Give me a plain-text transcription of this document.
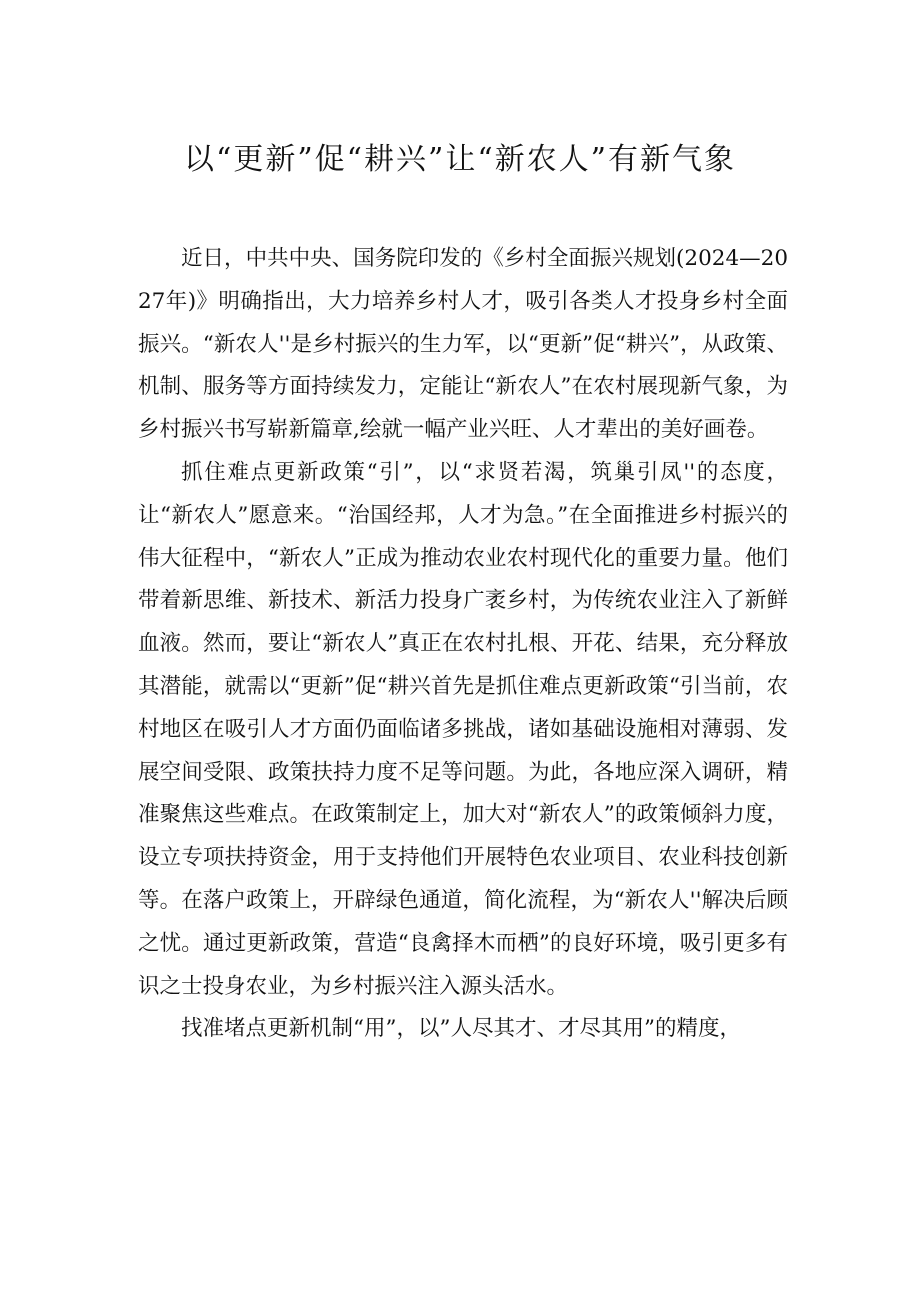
以“更新”促“耕兴”让“新农人”有新气象

近日，中共中央、国务院印发的《乡村全面振兴规划(2024—2027年)》明确指出，大力培养乡村人才，吸引各类人才投身乡村全面振兴。“新农人''是乡村振兴的生力军，以“更新”促“耕兴”，从政策、机制、服务等方面持续发力，定能让“新农人”在农村展现新气象，为乡村振兴书写崭新篇章,绘就一幅产业兴旺、人才辈出的美好画卷。

抓住难点更新政策“引”，以“求贤若渴，筑巢引凤''的态度，让“新农人”愿意来。“治国经邦，人才为急。”在全面推进乡村振兴的伟大征程中，“新农人”正成为推动农业农村现代化的重要力量。他们带着新思维、新技术、新活力投身广袤乡村，为传统农业注入了新鲜血液。然而，要让“新农人”真正在农村扎根、开花、结果，充分释放其潜能，就需以“更新”促“耕兴首先是抓住难点更新政策“引当前，农村地区在吸引人才方面仍面临诸多挑战，诸如基础设施相对薄弱、发展空间受限、政策扶持力度不足等问题。为此，各地应深入调研，精准聚焦这些难点。在政策制定上，加大对“新农人”的政策倾斜力度，设立专项扶持资金，用于支持他们开展特色农业项目、农业科技创新等。在落户政策上，开辟绿色通道，简化流程，为“新农人''解决后顾之忧。通过更新政策，营造“良禽择木而栖”的良好环境，吸引更多有识之士投身农业，为乡村振兴注入源头活水。

找准堵点更新机制“用”，以”人尽其才、才尽其用”的精度，
